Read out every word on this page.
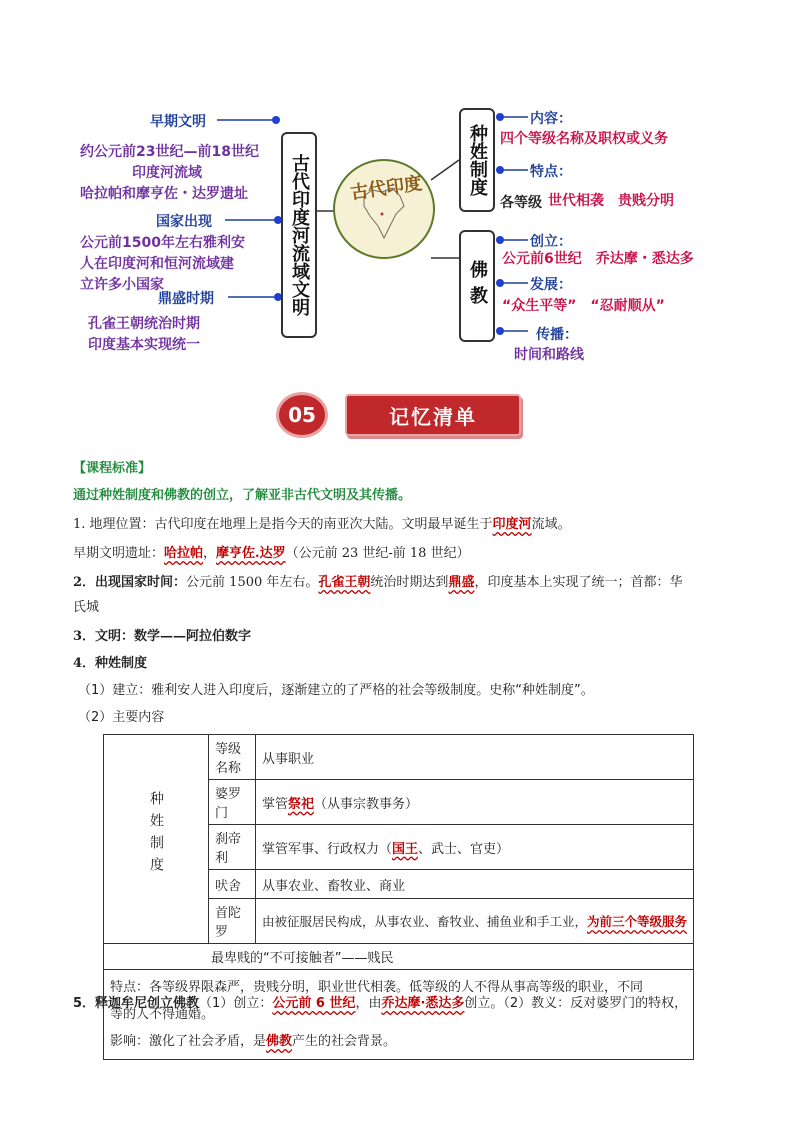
古代印度
古代印度河流域文明	种姓制度
佛教
早期文明
约公元前23世纪—前18世纪
印度河流域
哈拉帕和摩亨佐・达罗遗址
国家出现
公元前1500年左右雅利安
人在印度河和恒河流域建
立许多小国家
鼎盛时期
孔雀王朝统治时期
印度基本实现统一
内容：
四个等级名称及职权或义务
特点：
各等级 世代相袭　贵贱分明
创立：
公元前6世纪　乔达摩・悉达多
发展：
“众生平等”　“忍耐顺从”
传播：
时间和路线
05	记忆清单
【课程标准】
通过种姓制度和佛教的创立，了解亚非古代文明及其传播。
1. 地理位置：古代印度在地理上是指今天的南亚次大陆。文明最早诞生于印度河流域。
早期文明遗址：哈拉帕，摩亨佐.达罗（公元前 23 世纪-前 18 世纪）
2．出现国家时间：公元前 1500 年左右。孔雀王朝统治时期达到鼎盛，印度基本上实现了统一；首都：华
氏城
3．文明：数学——阿拉伯数字
4．种姓制度
（1）建立：雅利安人进入印度后，逐渐建立的了严格的社会等级制度。史称“种姓制度”。
（2）主要内容
种姓制度	等级名称	从事职业
	婆罗门	掌管祭祀（从事宗教事务）
	刹帝利	掌管军事、行政权力（国王、武士、官吏）
	吠舍	从事农业、畜牧业、商业
	首陀罗	由被征服居民构成，从事农业、畜牧业、捕鱼业和手工业，为前三个等级服务
最卑贱的“不可接触者”——贱民		

特点：各等级界限森严，贵贱分明，职业世代相袭。低等级的人不得从事高等级的职业，不同
等的人不得通婚。
影响：激化了社会矛盾，是佛教产生的社会背景。		
5．释迦牟尼创立佛教（1）创立：公元前 6 世纪，由乔达摩·悉达多创立。（2）教义：反对婆罗门的特权，
